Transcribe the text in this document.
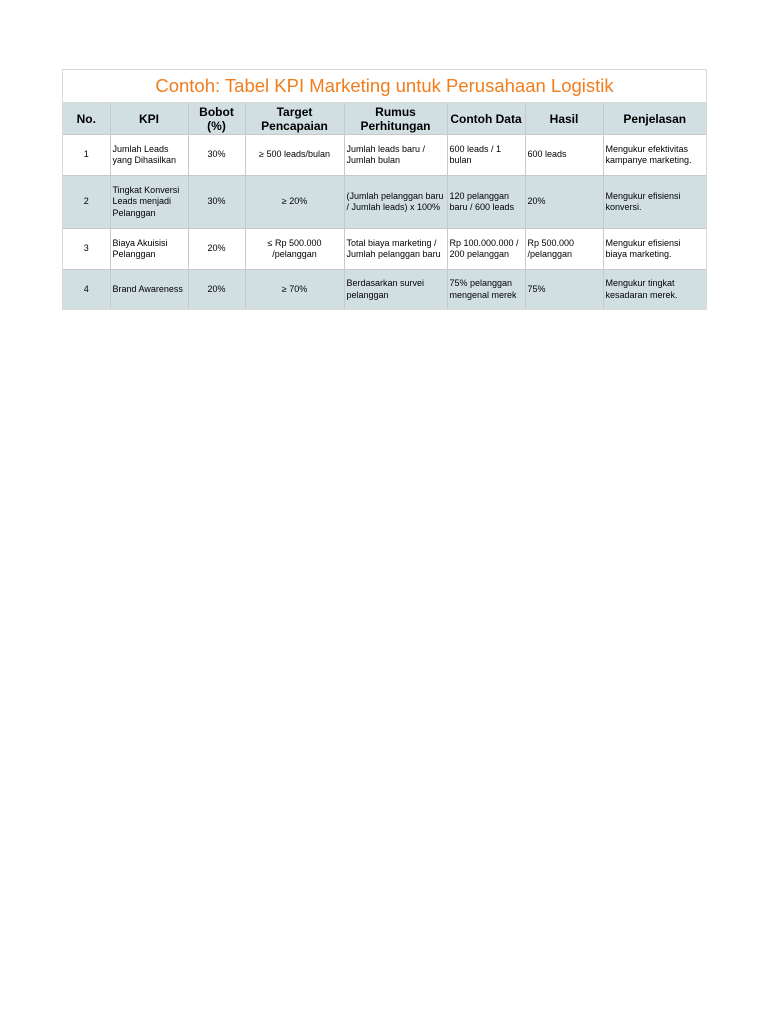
Contoh: Tabel KPI Marketing untuk Perusahaan Logistik
No.	KPI	Bobot (%)	Target Pencapaian	Rumus Perhitungan	Contoh Data	Hasil	Penjelasan
1	Jumlah Leads yang Dihasilkan	30%	≥ 500 leads/bulan	Jumlah leads baru / Jumlah bulan	600 leads / 1 bulan	600 leads	Mengukur efektivitas kampanye marketing.
2	Tingkat Konversi Leads menjadi Pelanggan	30%	≥ 20%	(Jumlah pelanggan baru / Jumlah leads) x 100%	120 pelanggan baru / 600 leads	20%	Mengukur efisiensi konversi.
3	Biaya Akuisisi Pelanggan	20%	≤ Rp 500.000 /pelanggan	Total biaya marketing / Jumlah pelanggan baru	Rp 100.000.000 / 200 pelanggan	Rp 500.000 /pelanggan	Mengukur efisiensi biaya marketing.
4	Brand Awareness	20%	≥ 70%	Berdasarkan survei pelanggan	75% pelanggan mengenal merek	75%	Mengukur tingkat kesadaran merek.
